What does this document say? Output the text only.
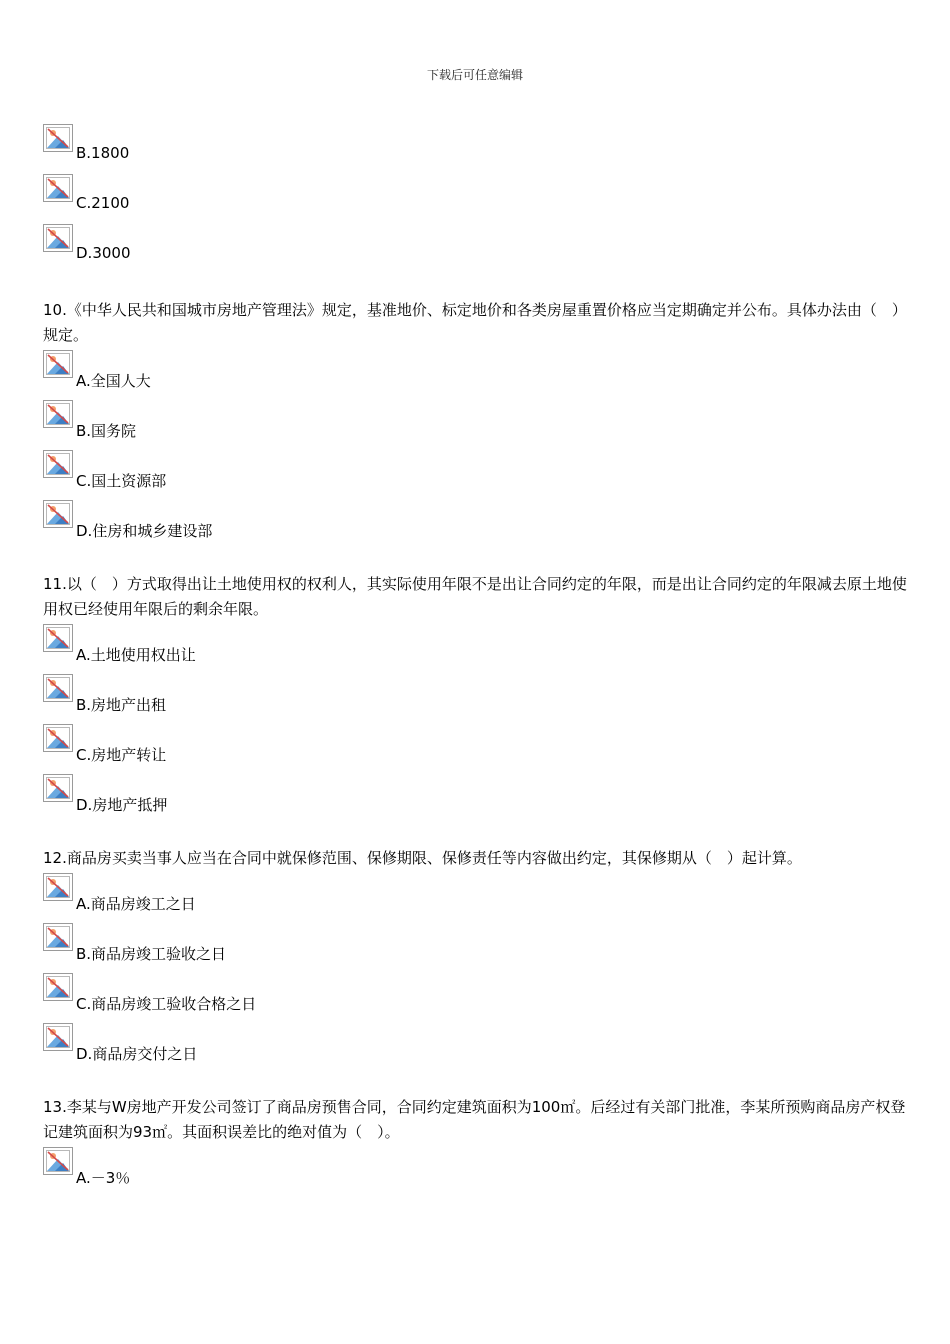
下载后可任意编辑
B.1800
C.2100
D.3000
10.《中华人民共和国城市房地产管理法》规定，基准地价、标定地价和各类房屋重置价格应当定期确定并公布。具体办法由（　）规定。
A.全国人大
B.国务院
C.国土资源部
D.住房和城乡建设部
11.以（　）方式取得出让土地使用权的权利人，其实际使用年限不是出让合同约定的年限，而是出让合同约定的年限减去原土地使用权已经使用年限后的剩余年限。
A.土地使用权出让
B.房地产出租
C.房地产转让
D.房地产抵押
12.商品房买卖当事人应当在合同中就保修范围、保修期限、保修责任等内容做出约定，其保修期从（　）起计算。
A.商品房竣工之日
B.商品房竣工验收之日
C.商品房竣工验收合格之日
D.商品房交付之日
13.李某与W房地产开发公司签订了商品房预售合同，合同约定建筑面积为100㎡。后经过有关部门批准，李某所预购商品房产权登记建筑面积为93㎡。其面积误差比的绝对值为（　）。
A.－3％
